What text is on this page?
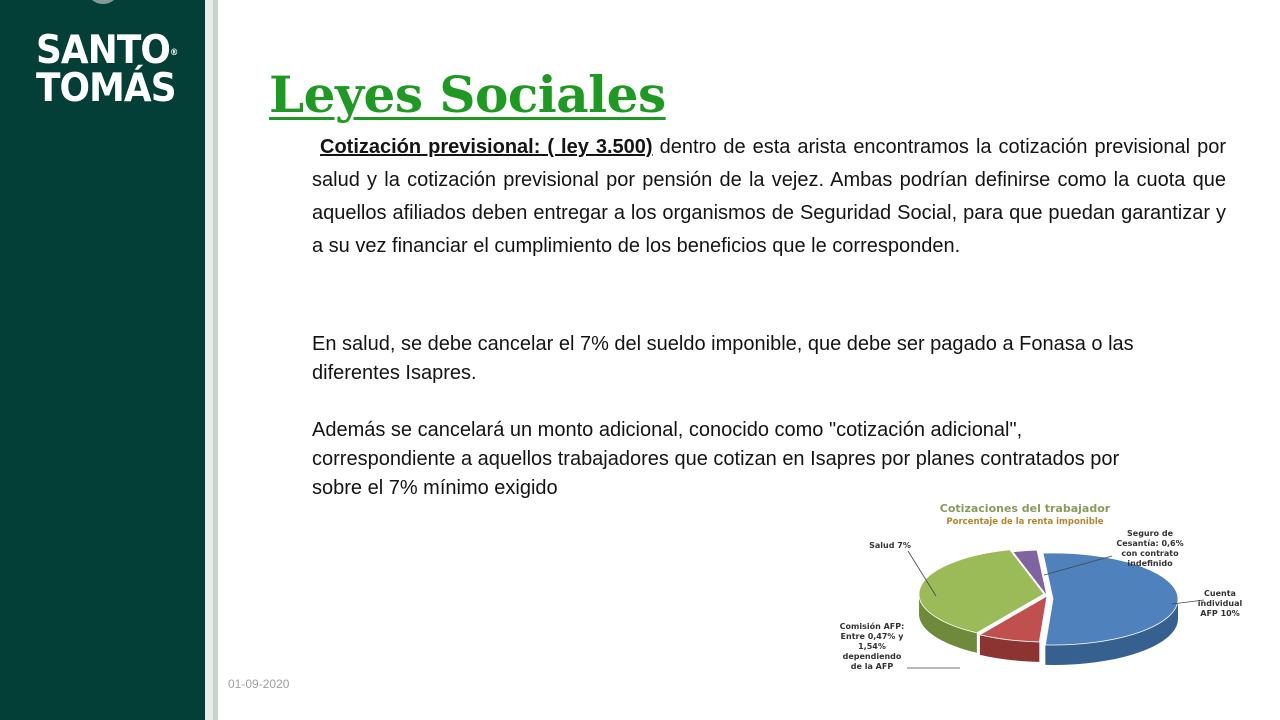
SANTO®
TOMÁS Leyes Sociales

Cotización previsional: ( ley 3.500) dentro de esta arista encontramos la cotización previsional por salud y la cotización previsional por pensión de la vejez. Ambas podrían definirse como la cuota que aquellos afiliados deben entregar a los organismos de Seguridad Social, para que puedan garantizar y a su vez financiar el cumplimiento de los beneficios que le corresponden.

En salud, se debe cancelar el 7% del sueldo imponible, que debe ser pagado a Fonasa o las diferentes Isapres.

Además se cancelará un monto adicional, conocido como "cotización adicional", correspondiente a aquellos trabajadores que cotizan en Isapres por planes contratados por sobre el 7% mínimo exigido

01-09-2020
Cotizaciones del trabajador
Porcentaje de la renta imponible
Cuenta individual AFP 10%
Comisión AFP: Entre 0,47% y 1,54% dependiendo de la AFP
Salud 7%
Seguro de Cesantía: 0,6% con contrato indefinido
